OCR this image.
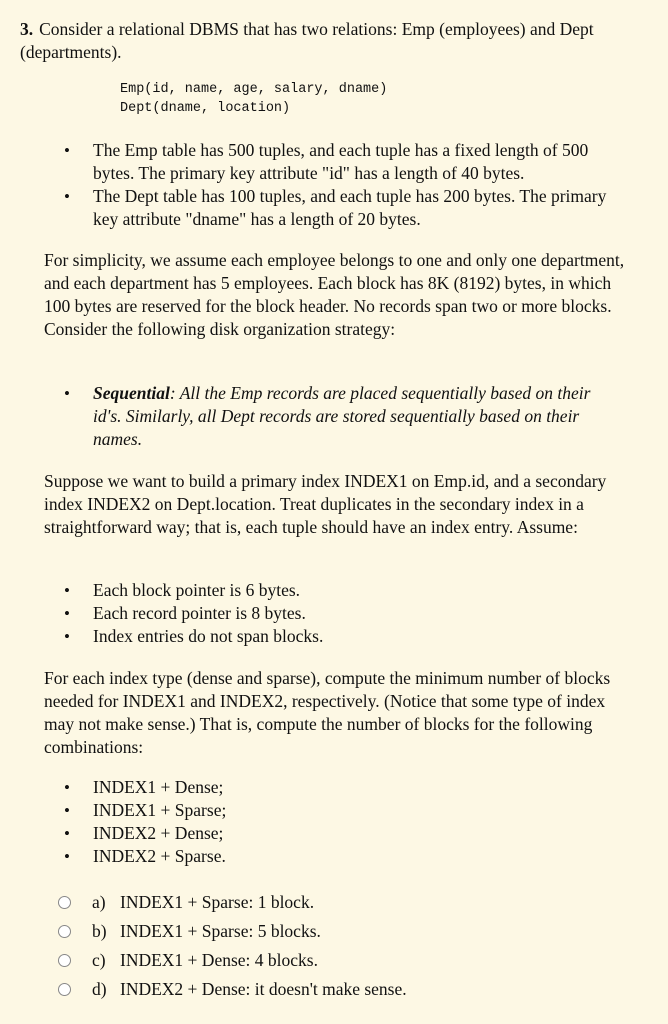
3. Consider a relational DBMS that has two relations: Emp (employees) and Dept (departments).
Emp(id, name, age, salary, dname)
Dept(dname, location)
• The Emp table has 500 tuples, and each tuple has a fixed length of 500 bytes. The primary key attribute "id" has a length of 40 bytes.
• The Dept table has 100 tuples, and each tuple has 200 bytes. The primary key attribute "dname" has a length of 20 bytes.
For simplicity, we assume each employee belongs to one and only one department, and each department has 5 employees. Each block has 8K (8192) bytes, in which 100 bytes are reserved for the block header. No records span two or more blocks. Consider the following disk organization strategy:
• Sequential: All the Emp records are placed sequentially based on their id's. Similarly, all Dept records are stored sequentially based on their names.
Suppose we want to build a primary index INDEX1 on Emp.id, and a secondary index INDEX2 on Dept.location. Treat duplicates in the secondary index in a straightforward way; that is, each tuple should have an index entry. Assume:
• Each block pointer is 6 bytes.
• Each record pointer is 8 bytes.
• Index entries do not span blocks.
For each index type (dense and sparse), compute the minimum number of blocks needed for INDEX1 and INDEX2, respectively. (Notice that some type of index may not make sense.) That is, compute the number of blocks for the following combinations:
• INDEX1 + Dense;
• INDEX1 + Sparse;
• INDEX2 + Dense;
• INDEX2 + Sparse.
a) INDEX1 + Sparse: 1 block.
b) INDEX1 + Sparse: 5 blocks.
c) INDEX1 + Dense: 4 blocks.
d) INDEX2 + Dense: it doesn't make sense.
